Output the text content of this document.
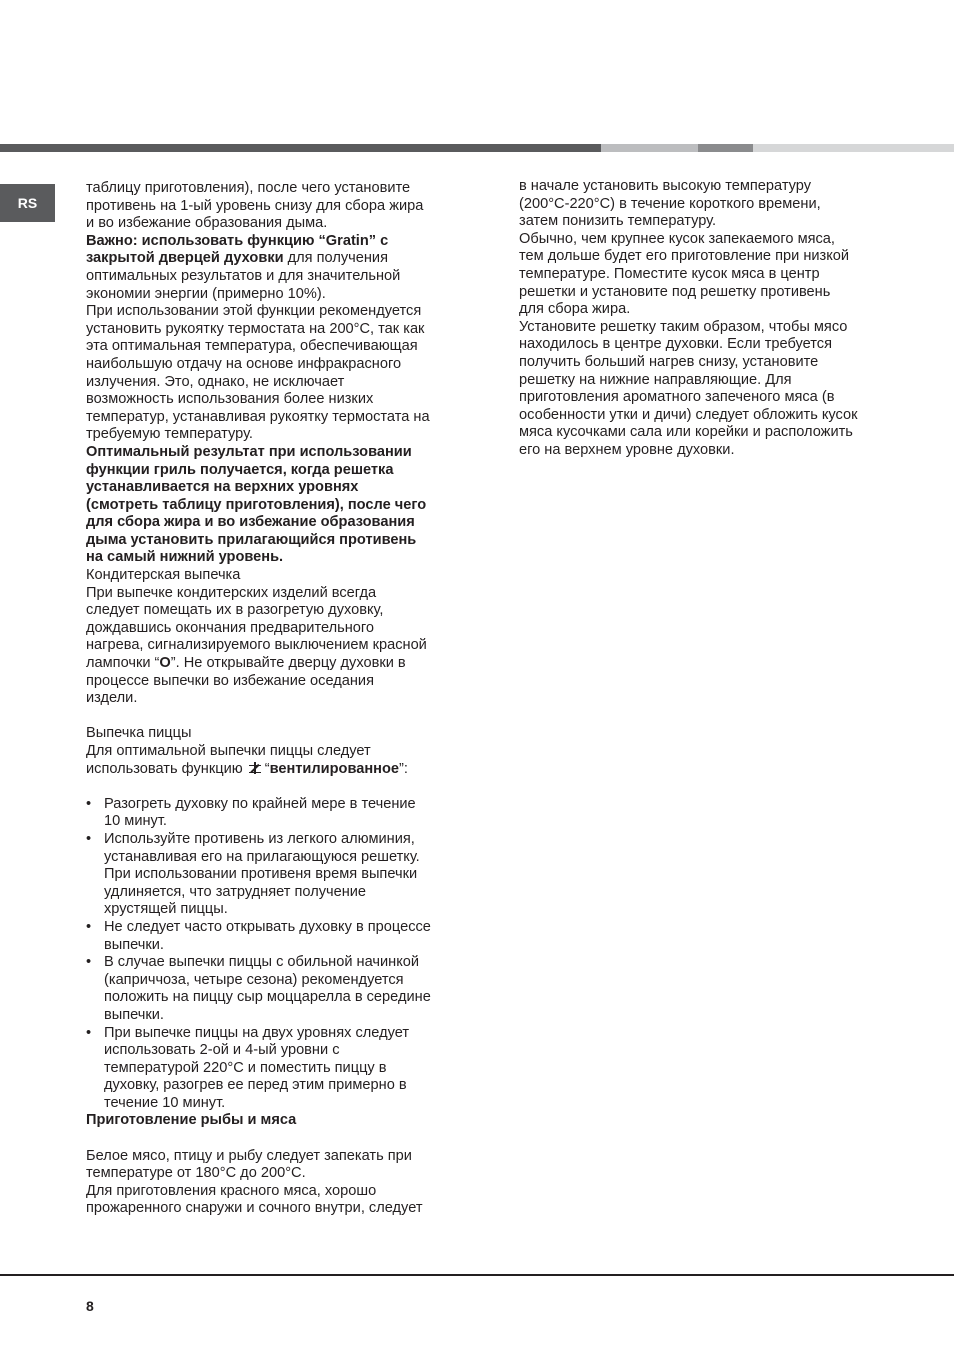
RS
таблицу приготовления), после чего установите
противень на 1-ый уровень снизу для сбора жира
и во избежание образования дыма.
Важно: использовать функцию “Gratin” с
закрытой дверцей духовки для получения
оптимальных результатов и для значительной
экономии энергии (примерно 10%).
При использовании этой функции рекомендуется
установить рукоятку термостата на 200°С, так как
эта оптимальная температура, обеспечивающая
наибольшую отдачу на основе инфракрасного
излучения. Это, однако, не исключает
возможность использования более низких
температур, устанавливая рукоятку термостата на
требуемую температуру.
Оптимальный результат при использовании
функции гриль получается, когда решетка
устанавливается на верхних уровнях
(смотреть таблицу приготовления), после чего
для сбора жира и во избежание образования
дыма установить прилагающийся противень
на самый нижний уровень.
Кондитерская выпечка
При выпечке кондитерских изделий всегда
следует помещать их в разогретую духовку,
дождавшись окончания предварительного
нагрева, сигнализируемого выключением красной
лампочки “O”. Не открывайте дверцу духовки в
процессе выпечки во избежание оседания
издели.
Выпечка пиццы
Для оптимальной выпечки пиццы следует
использовать функцию “вентилированное”:
• Разогреть духовку по крайней мере в течение
10 минут.
• Используйте противень из легкого алюминия,
устанавливая его на прилагающуюся решетку.
При использовании противеня время выпечки
удлиняется, что затрудняет получение
хрустящей пиццы.
• Не следует часто открывать духовку в процессе
выпечки.
• В случае выпечки пиццы с обильной начинкой
(каприччоза, четыре сезона) рекомендуется
положить на пиццу сыр моццарелла в середине
выпечки.
• При выпечке пиццы на двух уровнях следует
использовать 2-ой и 4-ый уровни с
температурой 220°С и поместить пиццу в
духовку, разогрев ее перед этим примерно в
течение 10 минут.
Приготовление рыбы и мяса
Белое мясо, птицу и рыбу следует запекать при
температуре от 180°С до 200°С.
Для приготовления красного мяса, хорошо
прожаренного снаружи и сочного внутри, следует
в начале установить высокую температуру
(200°С-220°С) в течение короткого времени,
затем понизить температуру.
Обычно, чем крупнее кусок запекаемого мяса,
тем дольше будет его приготовление при низкой
температуре. Поместите кусок мяса в центр
решетки и установите под решетку противень
для сбора жира.
Установите решетку таким образом, чтобы мясо
находилось в центре духовки. Если требуется
получить больший нагрев снизу, установите
решетку на нижние направляющие. Для
приготовления ароматного запеченого мяса (в
особенности утки и дичи) следует обложить кусок
мяса кусочками сала или корейки и расположить
его на верхнем уровне духовки.
8
